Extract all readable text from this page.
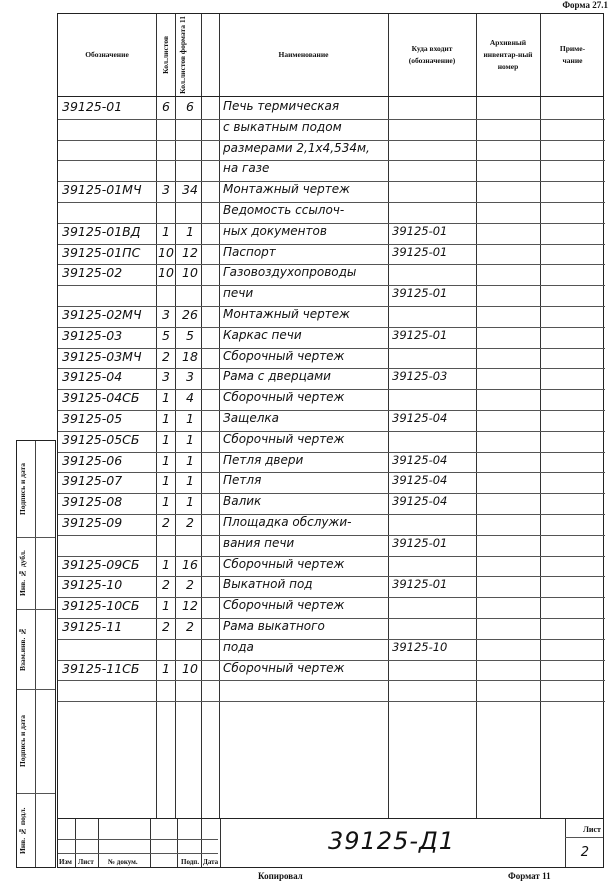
Форма 27.1
Подпись и дата
Инв. № дубл.
Взам.инв. №
Подпись и дата
Инв. № подл.
Обозначение	Кол.листов Кол.листов формата 11	Наименование
Куда входит (обозначение)
Архивный инвентар-ный номер
Приме-чание
39125-01	6	6	Печь термическая
с выкатным подом
размерами 2,1х4,534м,
на газе
39125-01МЧ	3 34	Монтажный чертеж
Ведомость ссылоч-
39125-01ВД	1	1	ных документов	39125-01
39125-01ПС	10 12	Паспорт	39125-01
39125-02	10 10	Газовоздухопроводы
печи	39125-01
39125-02МЧ	3 26	Монтажный чертеж
39125-03	5	5	Каркас печи	39125-01
39125-03МЧ	2 18	Сборочный чертеж
39125-04	3	3	Рама с дверцами	39125-03
39125-04СБ	1	4	Сборочный чертеж
39125-05	1	1	Защелка	39125-04
39125-05СБ	1	1	Сборочный чертеж
39125-06	1	1	Петля двери	39125-04
39125-07	1	1	Петля	39125-04
39125-08	1	1	Валик	39125-04
39125-09	2	2	Площадка обслужи-
вания печи	39125-01
39125-09СБ	1 16	Сборочный чертеж
39125-10	2	2	Выкатной под	39125-01
39125-10СБ	1 12	Сборочный чертеж
39125-11	2	2	Рама выкатного
пода	39125-10
39125-11СБ	1 10	Сборочный чертеж
39125-Д1
Изм Лист № докум.	Подп. Дата
Лист
2
Копировал	Формат 11
